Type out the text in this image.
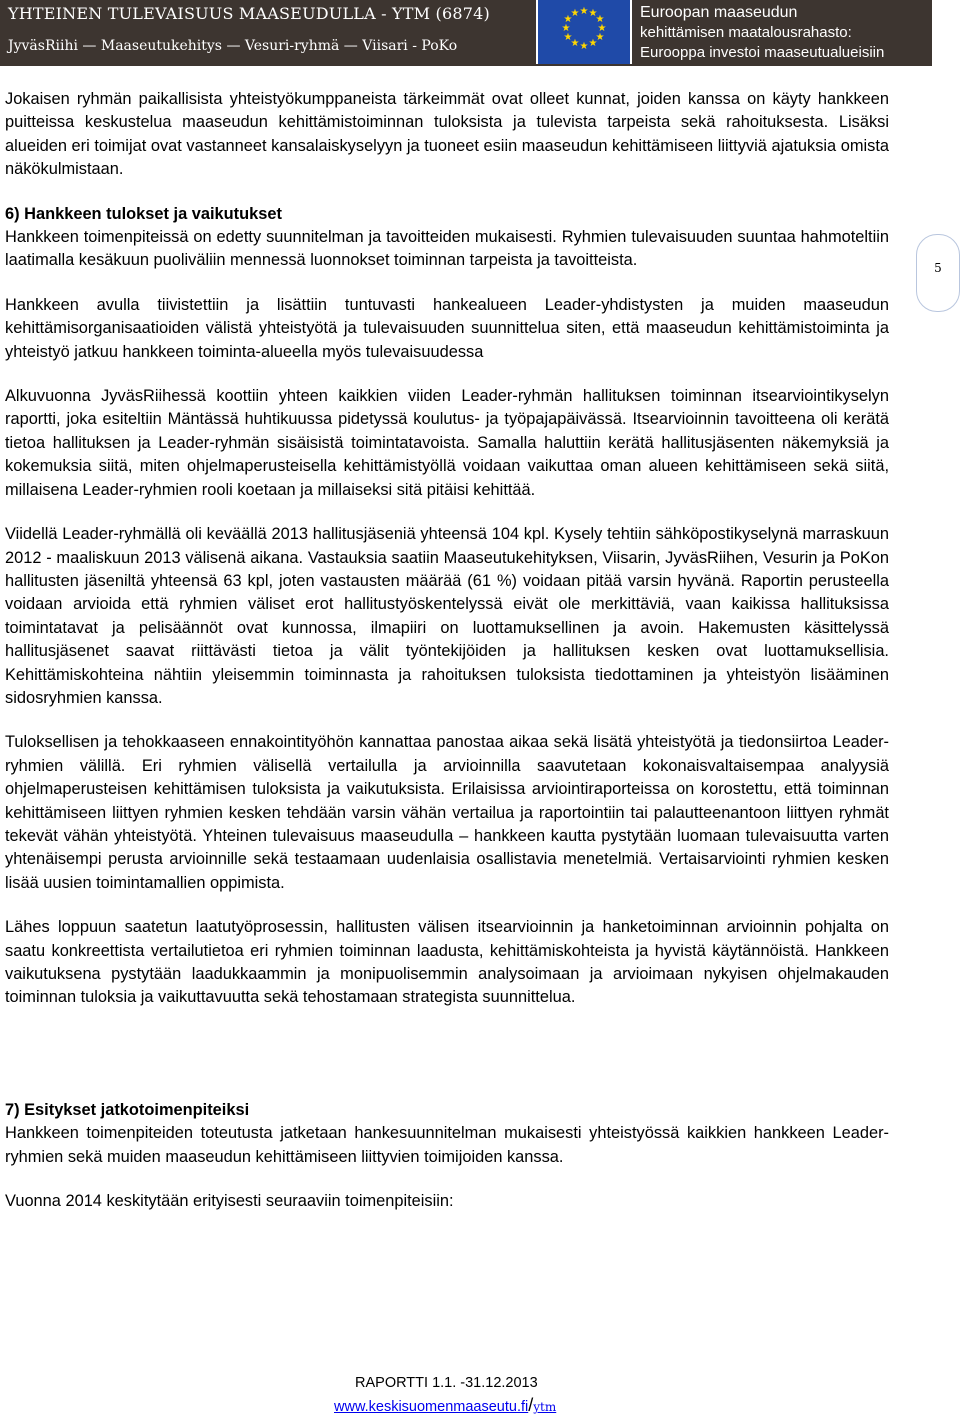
YHTEINEN TULEVAISUUS MAASEUDULLA - YTM (6874)
JyväsRiihi — Maaseutukehitys — Vesuri-ryhmä — Viisari - PoKo
★ ★
★
★
★
★
★
★
★
★
★
★	Euroopan maaseudun
kehittämisen maatalousrahasto:
Eurooppa investoi maaseutualueisiin
5

Jokaisen ryhmän paikallisista yhteistyökumppaneista tärkeimmät ovat olleet kunnat, joiden kanssa on käyty hankkeen puitteissa keskustelua maaseudun kehittämistoiminnan tuloksista ja tulevista tarpeista sekä rahoituksesta. Lisäksi alueiden eri toimijat ovat vastanneet kansalaiskyselyyn ja tuoneet esiin maaseudun kehittämiseen liittyviä ajatuksia omista näkökulmistaan.

6) Hankkeen tulokset ja vaikutukset

Hankkeen toimenpiteissä on edetty suunnitelman ja tavoitteiden mukaisesti. Ryhmien tulevaisuuden suuntaa hahmoteltiin laatimalla kesäkuun puoliväliin mennessä luonnokset toiminnan tarpeista ja tavoitteista.

Hankkeen avulla tiivistettiin ja lisättiin tuntuvasti hankealueen Leader-yhdistysten ja muiden maaseudun kehittämisorganisaatioiden välistä yhteistyötä ja tulevaisuuden suunnittelua siten, että maaseudun kehittämistoiminta ja yhteistyö jatkuu hankkeen toiminta-alueella myös tulevaisuudessa

Alkuvuonna JyväsRiihessä koottiin yhteen kaikkien viiden Leader-ryhmän hallituksen toiminnan itsearviointikyselyn raportti, joka esiteltiin Mäntässä huhtikuussa pidetyssä koulutus- ja työpajapäivässä. Itsearvioinnin tavoitteena oli kerätä tietoa hallituksen ja Leader-ryhmän sisäisistä toimintatavoista. Samalla haluttiin kerätä hallitusjäsenten näkemyksiä ja kokemuksia siitä, miten ohjelmaperusteisella kehittämistyöllä voidaan vaikuttaa oman alueen kehittämiseen sekä siitä, millaisena Leader-ryhmien rooli koetaan ja millaiseksi sitä pitäisi kehittää.

Viidellä Leader-ryhmällä oli keväällä 2013 hallitusjäseniä yhteensä 104 kpl. Kysely tehtiin sähköpostikyselynä marraskuun 2012 - maaliskuun 2013 välisenä aikana. Vastauksia saatiin Maaseutukehityksen, Viisarin, JyväsRiihen, Vesurin ja PoKon hallitusten jäseniltä yhteensä 63 kpl, joten vastausten määrää (61 %) voidaan pitää varsin hyvänä. Raportin perusteella voidaan arvioida että ryhmien väliset erot hallitustyöskentelyssä eivät ole merkittäviä, vaan kaikissa hallituksissa toimintatavat ja pelisäännöt ovat kunnossa, ilmapiiri on luottamuksellinen ja avoin. Hakemusten käsittelyssä hallitusjäsenet saavat riittävästi tietoa ja välit työntekijöiden ja hallituksen kesken ovat luottamuksellisia. Kehittämiskohteina nähtiin yleisemmin toiminnasta ja rahoituksen tuloksista tiedottaminen ja yhteistyön lisääminen sidosryhmien kanssa.

Tuloksellisen ja tehokkaaseen ennakointityöhön kannattaa panostaa aikaa sekä lisätä yhteistyötä ja tiedonsiirtoa Leader-ryhmien välillä. Eri ryhmien välisellä vertailulla ja arvioinnilla saavutetaan kokonaisvaltaisempaa analyysiä ohjelmaperusteisen kehittämisen tuloksista ja vaikutuksista. Erilaisissa arviointiraporteissa on korostettu, että toiminnan kehittämiseen liittyen ryhmien kesken tehdään varsin vähän vertailua ja raportointiin tai palautteenantoon liittyen ryhmät tekevät vähän yhteistyötä. Yhteinen tulevaisuus maaseudulla – hankkeen kautta pystytään luomaan tulevaisuutta varten yhtenäisempi perusta arvioinnille sekä testaamaan uudenlaisia osallistavia menetelmiä. Vertaisarviointi ryhmien kesken lisää uusien toimintamallien oppimista.

Lähes loppuun saatetun laatutyöprosessin, hallitusten välisen itsearvioinnin ja hanketoiminnan arvioinnin pohjalta on saatu konkreettista vertailutietoa eri ryhmien toiminnan laadusta, kehittämiskohteista ja hyvistä käytännöistä. Hankkeen vaikutuksena pystytään laadukkaammin ja monipuolisemmin analysoimaan ja arvioimaan nykyisen ohjelmakauden toiminnan tuloksia ja vaikuttavuutta sekä tehostamaan strategista suunnittelua.

7) Esitykset jatkotoimenpiteiksi

Hankkeen toimenpiteiden toteutusta jatketaan hankesuunnitelman mukaisesti yhteistyössä kaikkien hankkeen Leader-ryhmien sekä muiden maaseudun kehittämiseen liittyvien toimijoiden kanssa.

Vuonna 2014 keskitytään erityisesti seuraaviin toimenpiteisiin:

RAPORTTI 1.1. -31.12.2013
www.keskisuomenmaaseutu.fi/ytm
